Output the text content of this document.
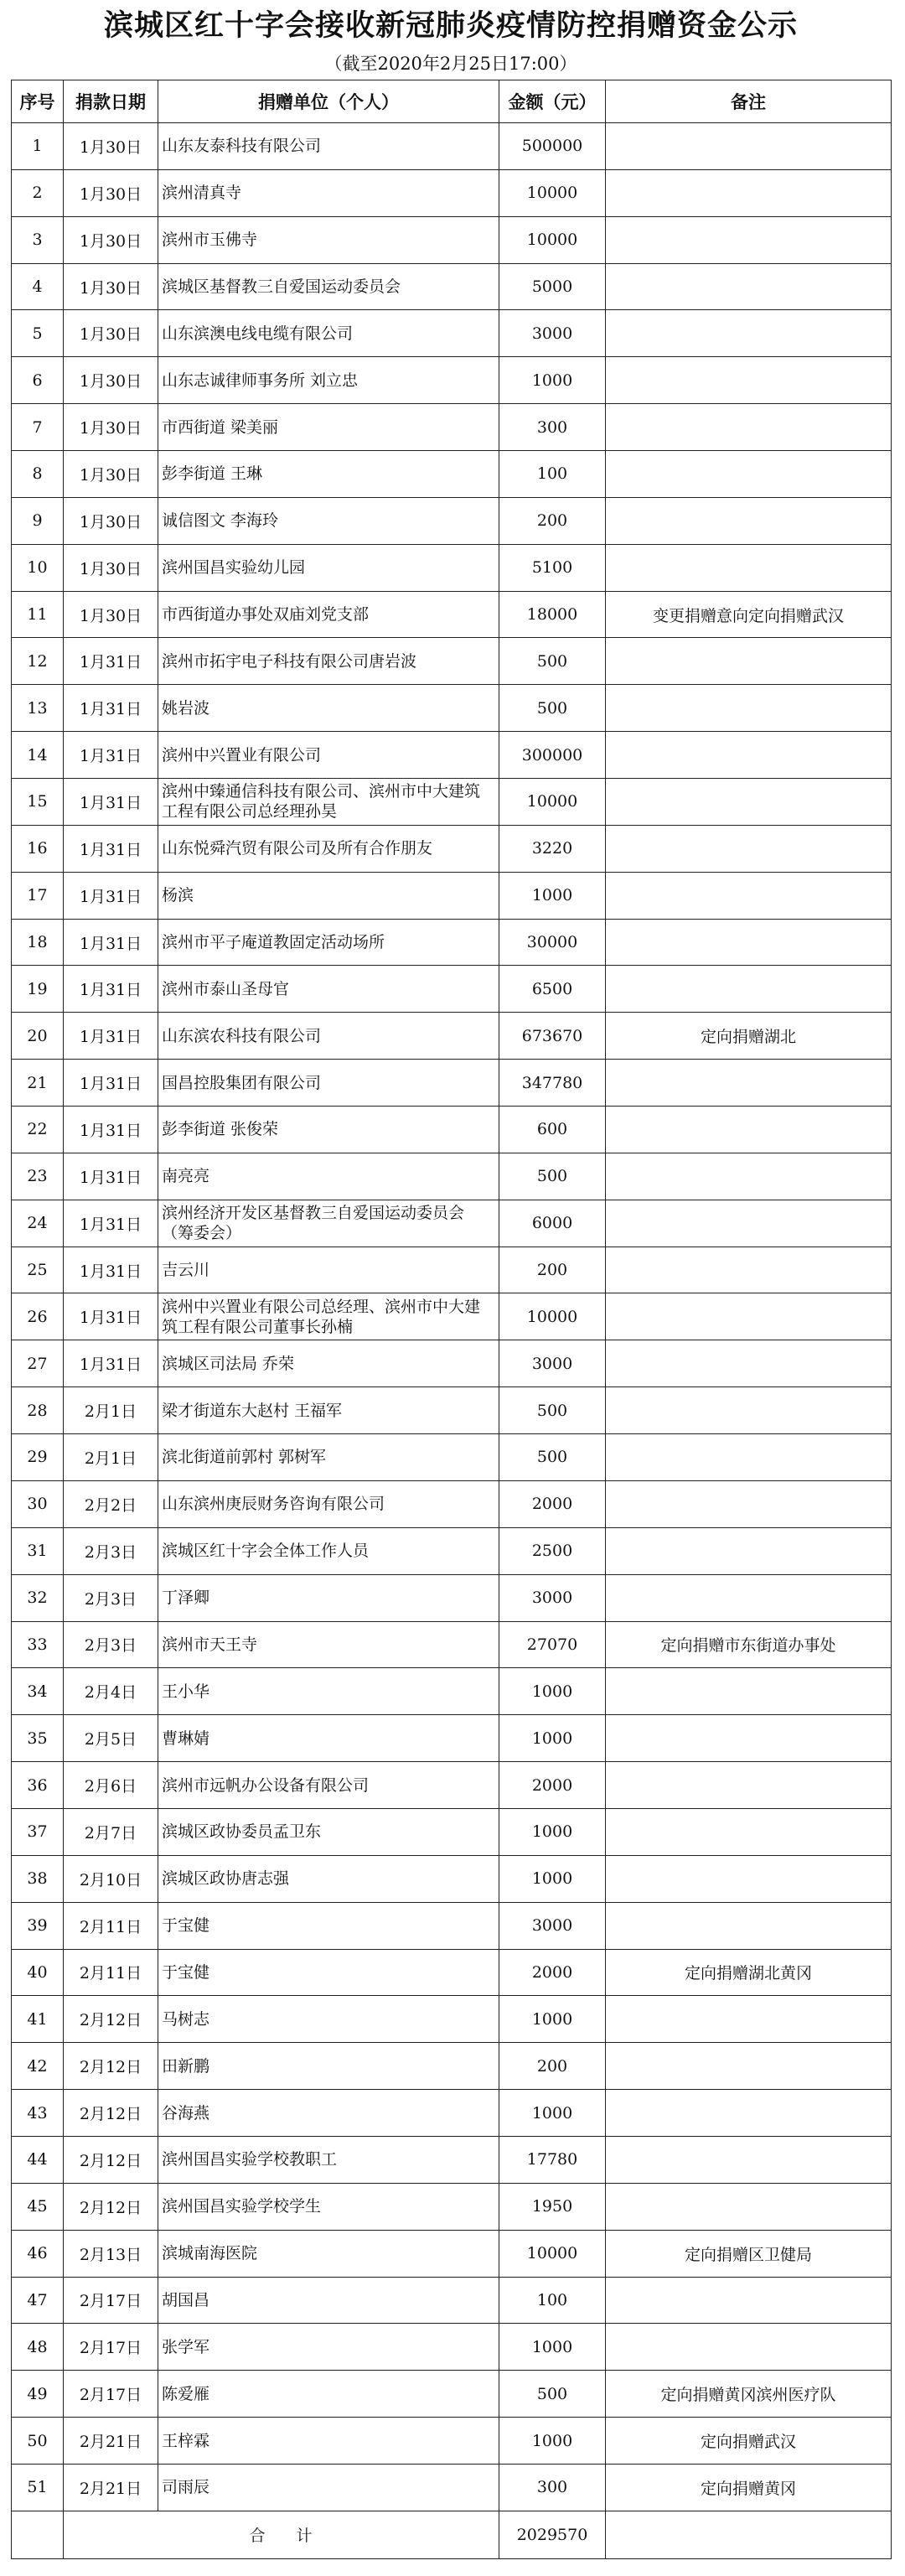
滨城区红十字会接收新冠肺炎疫情防控捐赠资金公示
（截至2020年2月25日17:00）
序号	捐款日期	捐赠单位（个人）	金额（元）	备注
1	1月30日	山东友泰科技有限公司	500000	
2	1月30日	滨州清真寺	10000	
3	1月30日	滨州市玉佛寺	10000	
4	1月30日	滨城区基督教三自爱国运动委员会	5000	
5	1月30日	山东滨澳电线电缆有限公司	3000	
6	1月30日	山东志诚律师事务所 刘立忠	1000	
7	1月30日	市西街道 梁美丽	300	
8	1月30日	彭李街道 王琳	100	
9	1月30日	诚信图文 李海玲	200	
10	1月30日	滨州国昌实验幼儿园	5100	
11	1月30日	市西街道办事处双庙刘党支部	18000	变更捐赠意向定向捐赠武汉
12	1月31日	滨州市拓宇电子科技有限公司唐岩波	500	
13	1月31日	姚岩波	500	
14	1月31日	滨州中兴置业有限公司	300000	
15	1月31日	滨州中臻通信科技有限公司、滨州市中大建筑工程有限公司总经理孙昊	10000	
16	1月31日	山东悦舜汽贸有限公司及所有合作朋友	3220	
17	1月31日	杨滨	1000	
18	1月31日	滨州市平子庵道教固定活动场所	30000	
19	1月31日	滨州市泰山圣母官	6500	
20	1月31日	山东滨农科技有限公司	673670	定向捐赠湖北
21	1月31日	国昌控股集团有限公司	347780	
22	1月31日	彭李街道 张俊荣	600	
23	1月31日	南亮亮	500	
24	1月31日	滨州经济开发区基督教三自爱国运动委员会（筹委会）	6000	
25	1月31日	吉云川	200	
26	1月31日	滨州中兴置业有限公司总经理、滨州市中大建筑工程有限公司董事长孙楠	10000	
27	1月31日	滨城区司法局 乔荣	3000	
28	2月1日	梁才街道东大赵村 王福军	500	
29	2月1日	滨北街道前郭村 郭树军	500	
30	2月2日	山东滨州庚辰财务咨询有限公司	2000	
31	2月3日	滨城区红十字会全体工作人员	2500	
32	2月3日	丁泽卿	3000	
33	2月3日	滨州市天王寺	27070	定向捐赠市东街道办事处
34	2月4日	王小华	1000	
35	2月5日	曹琳婧	1000	
36	2月6日	滨州市远帆办公设备有限公司	2000	
37	2月7日	滨城区政协委员孟卫东	1000	
38	2月10日	滨城区政协唐志强	1000	
39	2月11日	于宝健	3000	
40	2月11日	于宝健	2000	定向捐赠湖北黄冈
41	2月12日	马树志	1000	
42	2月12日	田新鹏	200	
43	2月12日	谷海燕	1000	
44	2月12日	滨州国昌实验学校教职工	17780	
45	2月12日	滨州国昌实验学校学生	1950	
46	2月13日	滨城南海医院	10000	定向捐赠区卫健局
47	2月17日	胡国昌	100	
48	2月17日	张学军	1000	
49	2月17日	陈爱雁	500	定向捐赠黄冈滨州医疗队
50	2月21日	王梓霖	1000	定向捐赠武汉
51	2月21日	司雨辰	300	定向捐赠黄冈
	合 计		2029570	
